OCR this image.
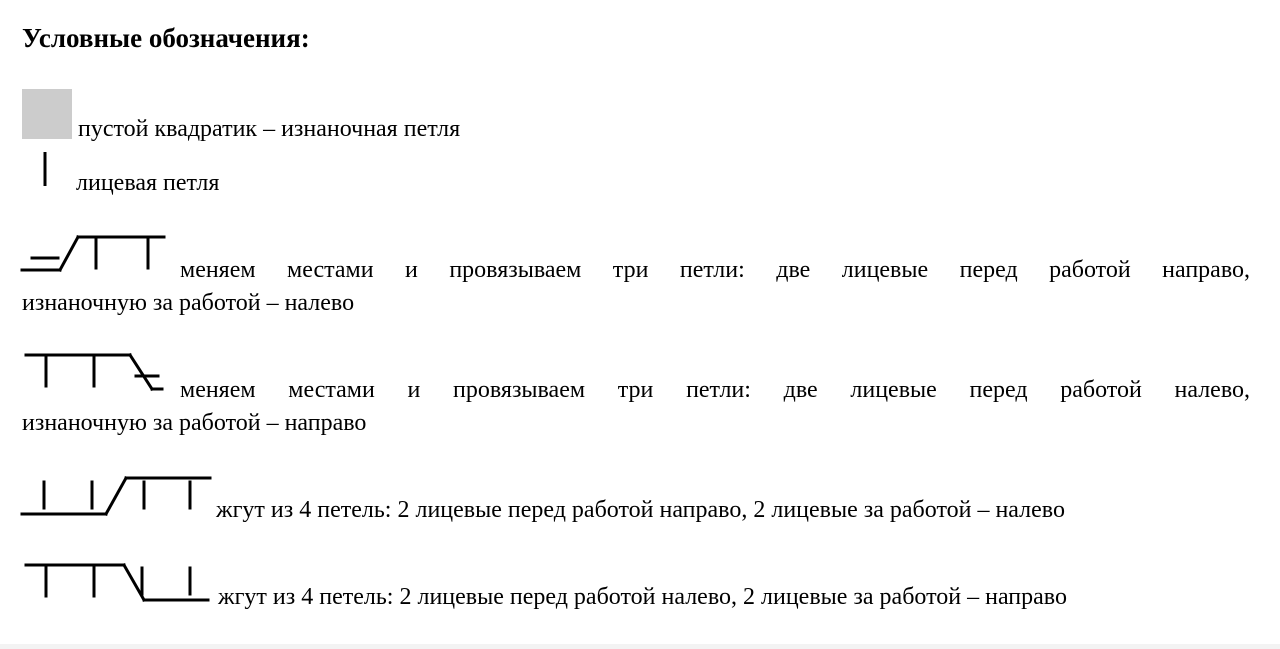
Условные обозначения:
пустой квадратик – изнаночная петля
лицевая петля
меняем местами и провязываем три петли: две лицевые перед работой направо,
изнаночную за работой – налево
меняем местами и провязываем три петли: две лицевые перед работой налево,
изнаночную за работой – направо
жгут из 4 петель: 2 лицевые перед работой направо, 2 лицевые за работой – налево
жгут из 4 петель: 2 лицевые перед работой налево, 2 лицевые за работой – направо
